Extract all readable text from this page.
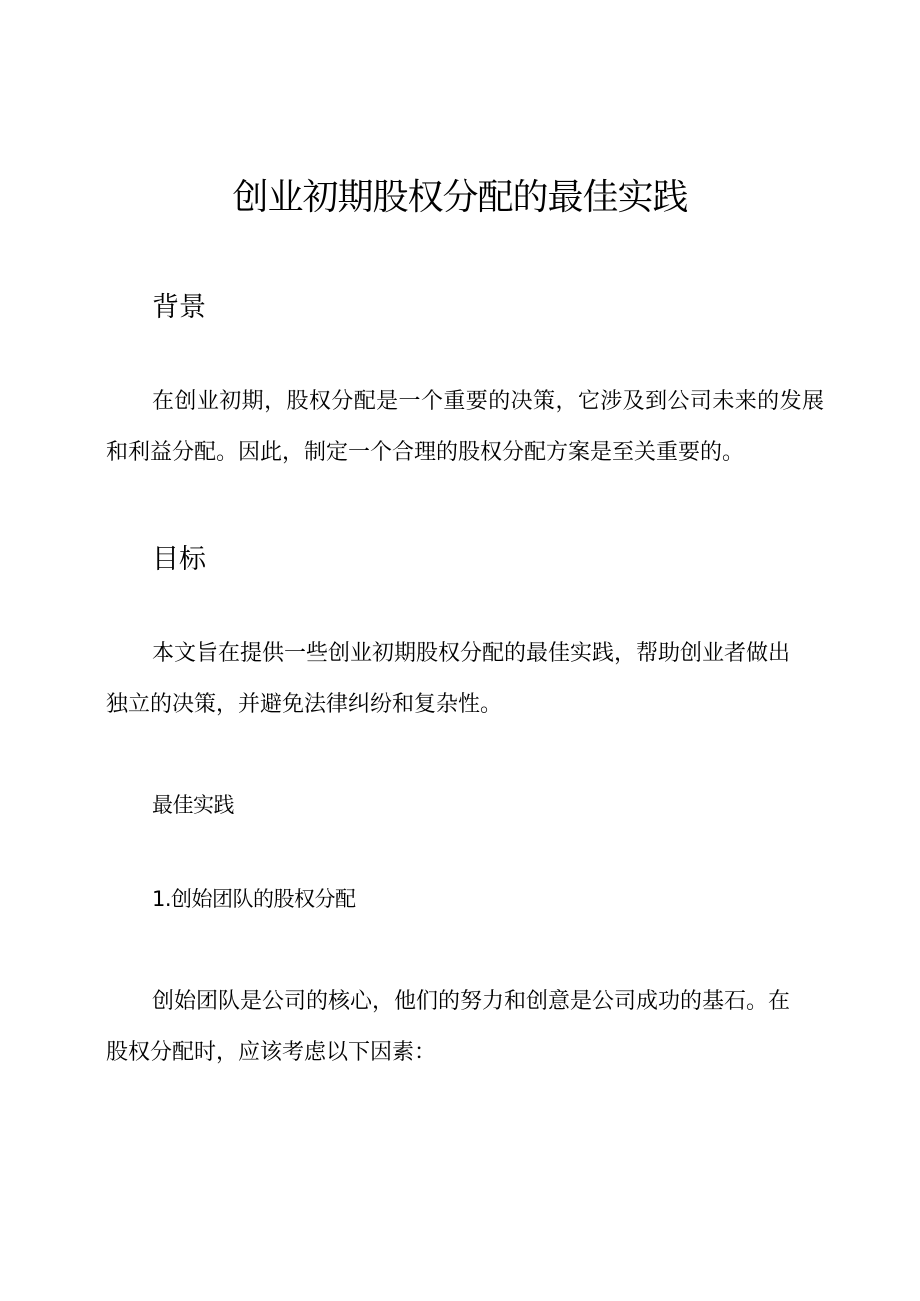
创业初期股权分配的最佳实践
背景

在创业初期，股权分配是一个重要的决策，它涉及到公司未来的发展和利益分配。因此，制定一个合理的股权分配方案是至关重要的。

目标

本文旨在提供一些创业初期股权分配的最佳实践，帮助创业者做出独立的决策，并避免法律纠纷和复杂性。

最佳实践
1.创始团队的股权分配

创始团队是公司的核心，他们的努力和创意是公司成功的基石。在股权分配时，应该考虑以下因素：
